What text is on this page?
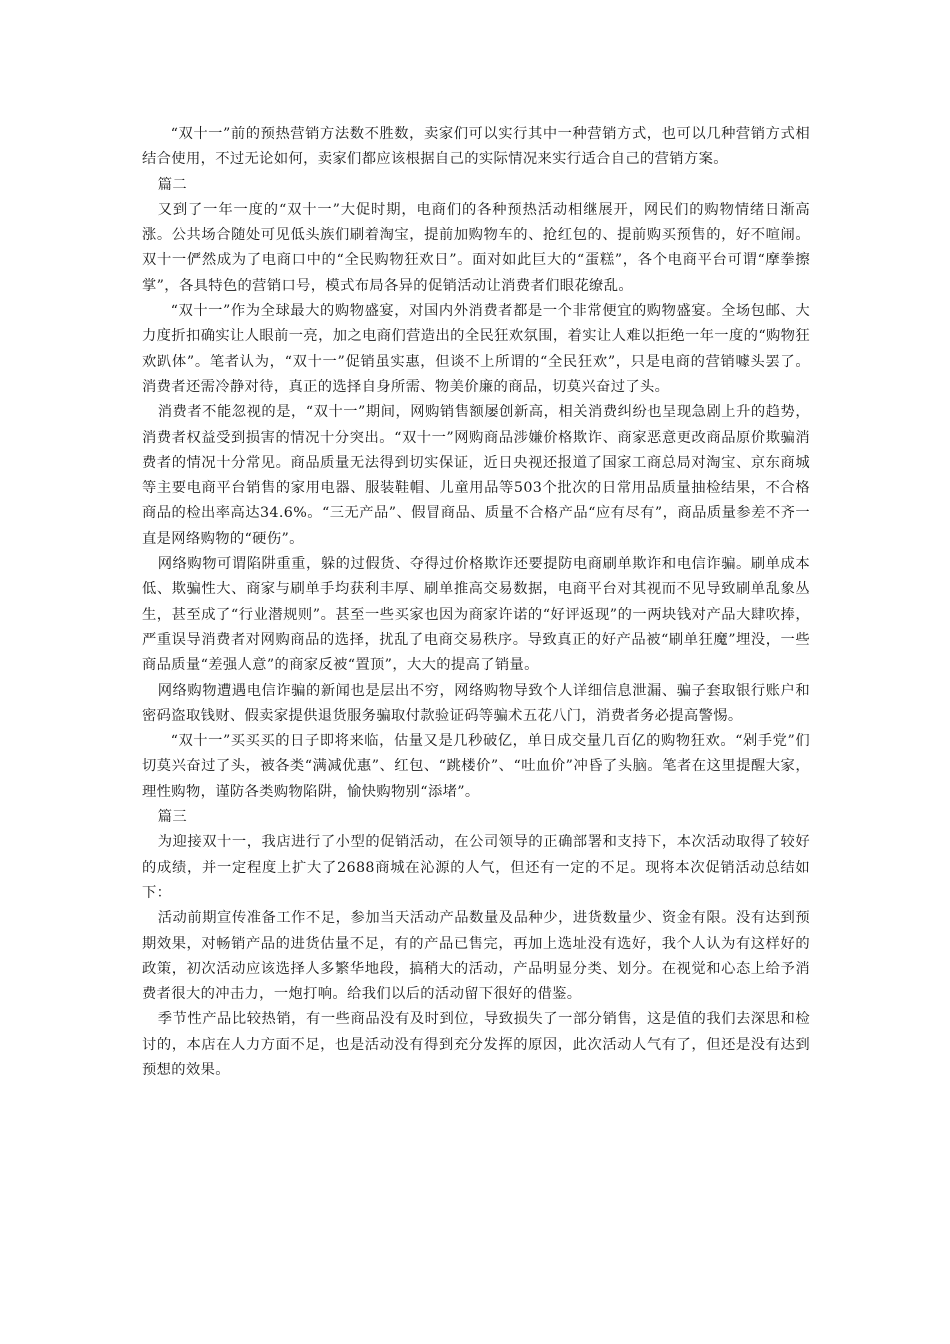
“双十一”前的预热营销方法数不胜数，卖家们可以实行其中一种营销方式，也可以几种营销方式相结合使用，不过无论如何，卖家们都应该根据自己的实际情况来实行适合自己的营销方案。

篇二

又到了一年一度的“双十一”大促时期，电商们的各种预热活动相继展开，网民们的购物情绪日渐高涨。公共场合随处可见低头族们刷着淘宝，提前加购物车的、抢红包的、提前购买预售的，好不喧闹。双十一俨然成为了电商口中的“全民购物狂欢日”。面对如此巨大的“蛋糕”，各个电商平台可谓“摩拳擦掌”，各具特色的营销口号，模式布局各异的促销活动让消费者们眼花缭乱。

“双十一”作为全球最大的购物盛宴，对国内外消费者都是一个非常便宜的购物盛宴。全场包邮、大力度折扣确实让人眼前一亮，加之电商们营造出的全民狂欢氛围，着实让人难以拒绝一年一度的“购物狂欢趴体”。笔者认为，“双十一”促销虽实惠，但谈不上所谓的“全民狂欢”，只是电商的营销噱头罢了。消费者还需冷静对待，真正的选择自身所需、物美价廉的商品，切莫兴奋过了头。

消费者不能忽视的是，“双十一”期间，网购销售额屡创新高，相关消费纠纷也呈现急剧上升的趋势，消费者权益受到损害的情况十分突出。“双十一”网购商品涉嫌价格欺诈、商家恶意更改商品原价欺骗消费者的情况十分常见。商品质量无法得到切实保证，近日央视还报道了国家工商总局对淘宝、京东商城等主要电商平台销售的家用电器、服装鞋帽、儿童用品等503个批次的日常用品质量抽检结果，不合格商品的检出率高达34.6%。“三无产品”、假冒商品、质量不合格产品“应有尽有”，商品质量参差不齐一直是网络购物的“硬伤”。

网络购物可谓陷阱重重，躲的过假货、夺得过价格欺诈还要提防电商刷单欺诈和电信诈骗。刷单成本低、欺骗性大、商家与刷单手均获利丰厚、刷单推高交易数据，电商平台对其视而不见导致刷单乱象丛生，甚至成了“行业潜规则”。甚至一些买家也因为商家许诺的“好评返现”的一两块钱对产品大肆吹捧，严重误导消费者对网购商品的选择，扰乱了电商交易秩序。导致真正的好产品被“刷单狂魔”埋没，一些商品质量“差强人意”的商家反被“置顶”，大大的提高了销量。

网络购物遭遇电信诈骗的新闻也是层出不穷，网络购物导致个人详细信息泄漏、骗子套取银行账户和密码盗取钱财、假卖家提供退货服务骗取付款验证码等骗术五花八门，消费者务必提高警惕。

“双十一”买买买的日子即将来临，估量又是几秒破亿，单日成交量几百亿的购物狂欢。“剁手党”们切莫兴奋过了头，被各类“满减优惠”、红包、“跳楼价”、“吐血价”冲昏了头脑。笔者在这里提醒大家，理性购物，谨防各类购物陷阱，愉快购物别“添堵”。

篇三

为迎接双十一，我店进行了小型的促销活动，在公司领导的正确部署和支持下，本次活动取得了较好的成绩，并一定程度上扩大了2688商城在沁源的人气，但还有一定的不足。现将本次促销活动总结如下：

活动前期宣传准备工作不足，参加当天活动产品数量及品种少，进货数量少、资金有限。没有达到预期效果，对畅销产品的进货估量不足，有的产品已售完，再加上选址没有选好，我个人认为有这样好的政策，初次活动应该选择人多繁华地段，搞稍大的活动，产品明显分类、划分。在视觉和心态上给予消费者很大的冲击力，一炮打响。给我们以后的活动留下很好的借鉴。

季节性产品比较热销，有一些商品没有及时到位，导致损失了一部分销售，这是值的我们去深思和检讨的，本店在人力方面不足，也是活动没有得到充分发挥的原因，此次活动人气有了，但还是没有达到预想的效果。
